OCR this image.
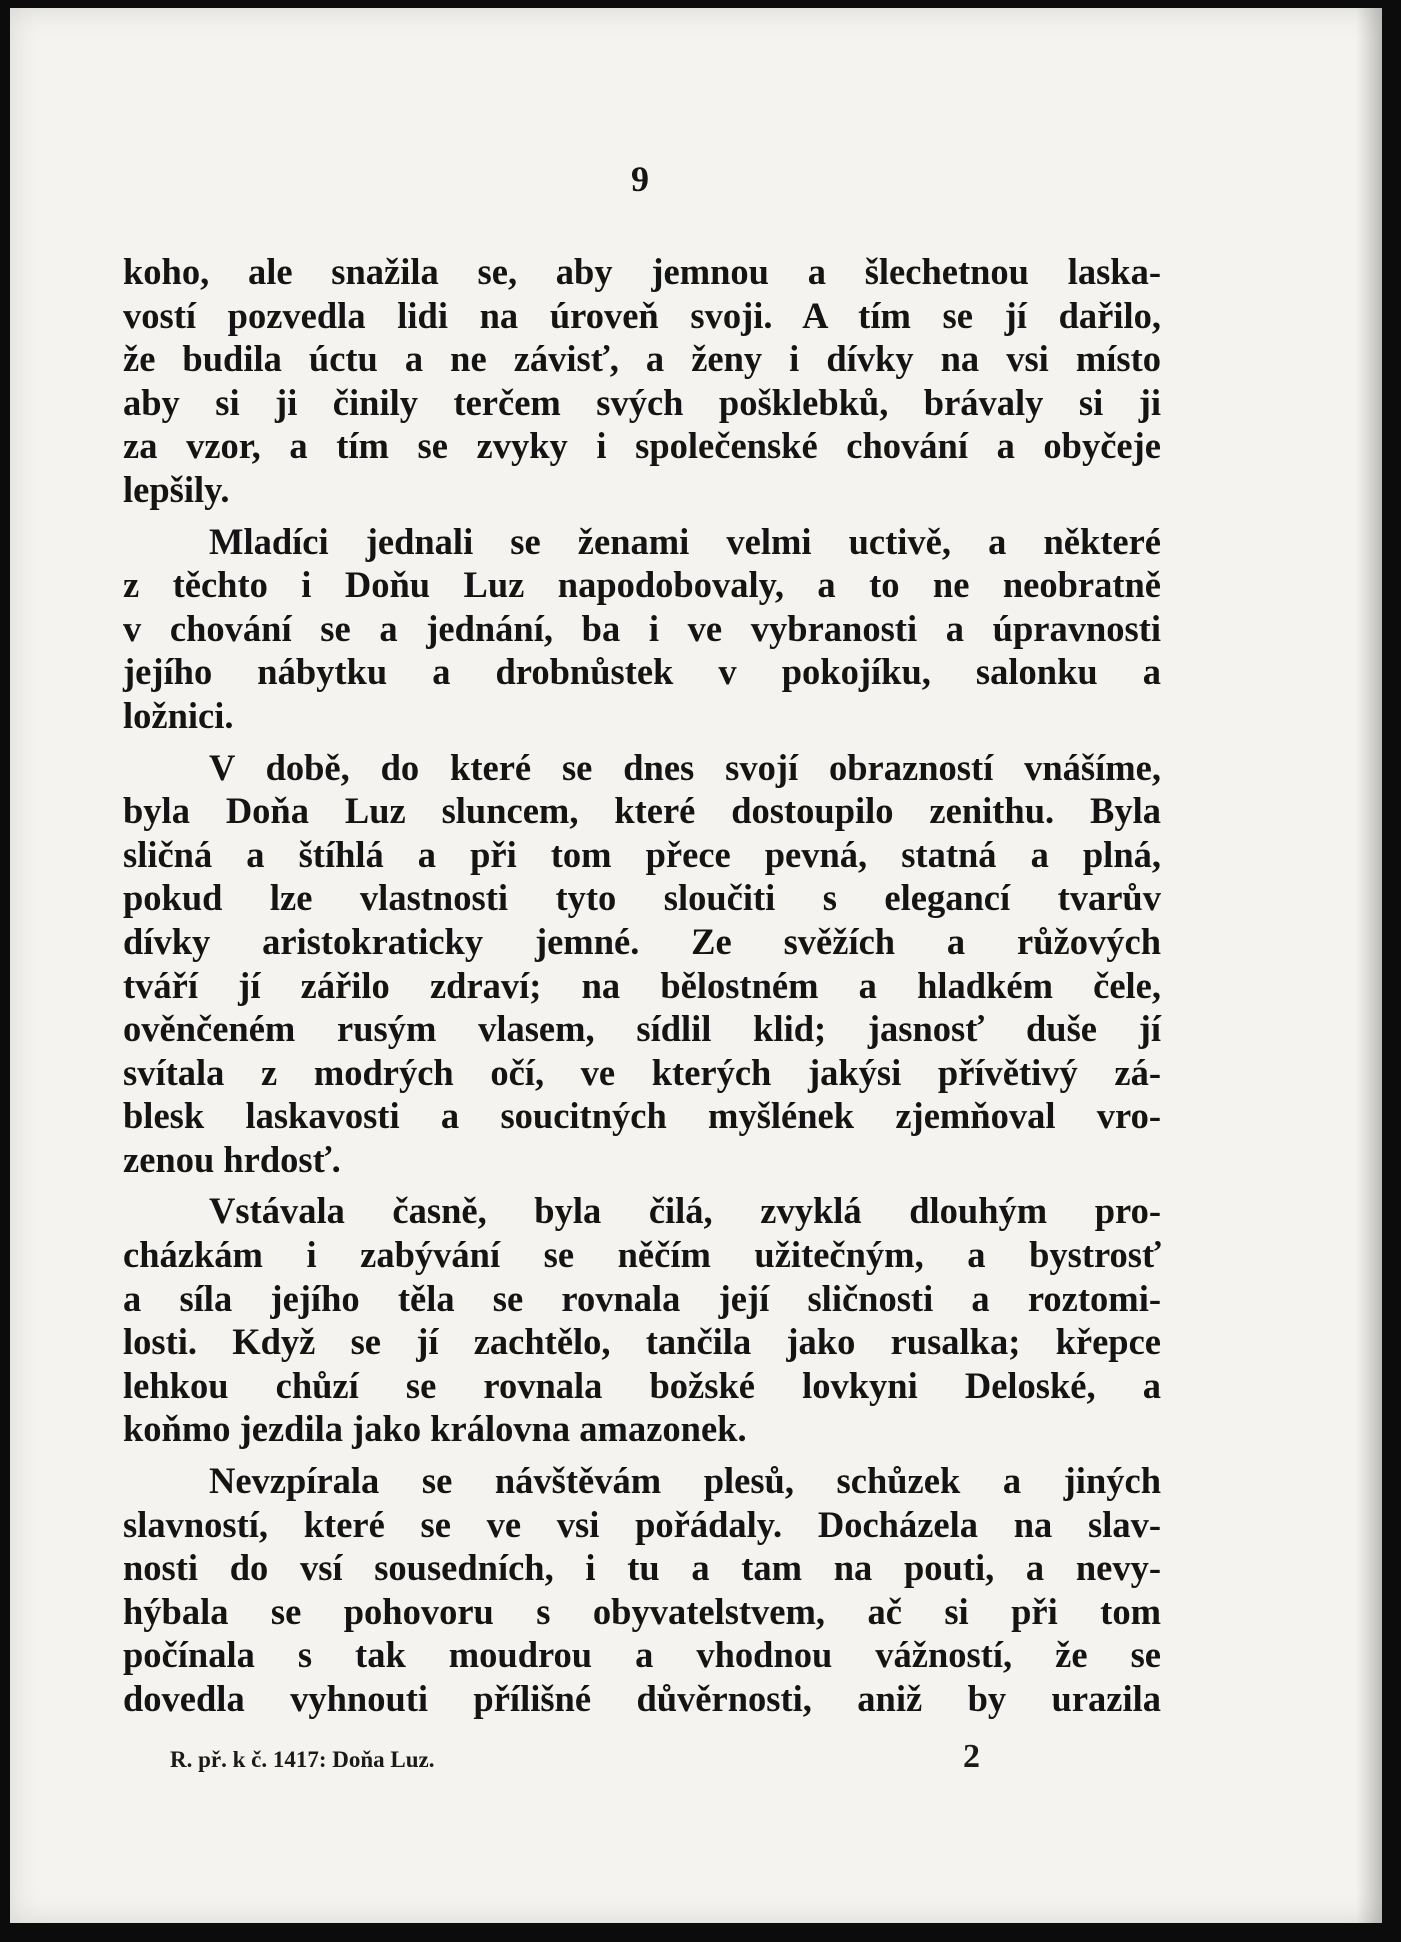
9

koho, ale snažila se, aby jemnou a šlechetnou laska-
vostí pozvedla lidi na úroveň svoji. A tím se jí dařilo,
že budila úctu a ne závisť, a ženy i dívky na vsi místo
aby si ji činily terčem svých pošklebků, brávaly si ji
za vzor, a tím se zvyky i společenské chování a obyčeje
lepšily.

Mladíci jednali se ženami velmi uctivě, a některé
z těchto i Doňu Luz napodobovaly, a to ne neobratně
v chování se a jednání, ba i ve vybranosti a úpravnosti
jejího nábytku a drobnůstek v pokojíku, salonku a
ložnici.

V době, do které se dnes svojí obrazností vnášíme,
byla Doňa Luz sluncem, které dostoupilo zenithu. Byla
sličná a štíhlá a při tom přece pevná, statná a plná,
pokud lze vlastnosti tyto sloučiti s elegancí tvarův
dívky aristokraticky jemné. Ze svěžích a růžových
tváří jí zářilo zdraví; na bělostném a hladkém čele,
ověnčeném rusým vlasem, sídlil klid; jasnosť duše jí
svítala z modrých očí, ve kterých jakýsi přívětivý zá-
blesk laskavosti a soucitných myšlének zjemňoval vro-
zenou hrdosť.

Vstávala časně, byla čilá, zvyklá dlouhým pro-
cházkám i zabývání se něčím užitečným, a bystrosť
a síla jejího těla se rovnala její sličnosti a roztomi-
losti. Když se jí zachtělo, tančila jako rusalka; křepce
lehkou chůzí se rovnala božské lovkyni Deloské, a
koňmo jezdila jako královna amazonek.

Nevzpírala se návštěvám plesů, schůzek a jiných
slavností, které se ve vsi pořádaly. Docházela na slav-
nosti do vsí sousedních, i tu a tam na pouti, a nevy-
hýbala se pohovoru s obyvatelstvem, ač si při tom
počínala s tak moudrou a vhodnou vážností, že se
dovedla vyhnouti přílišné důvěrnosti, aniž by urazila

R. př. k č. 1417: Doňa Luz.	2
